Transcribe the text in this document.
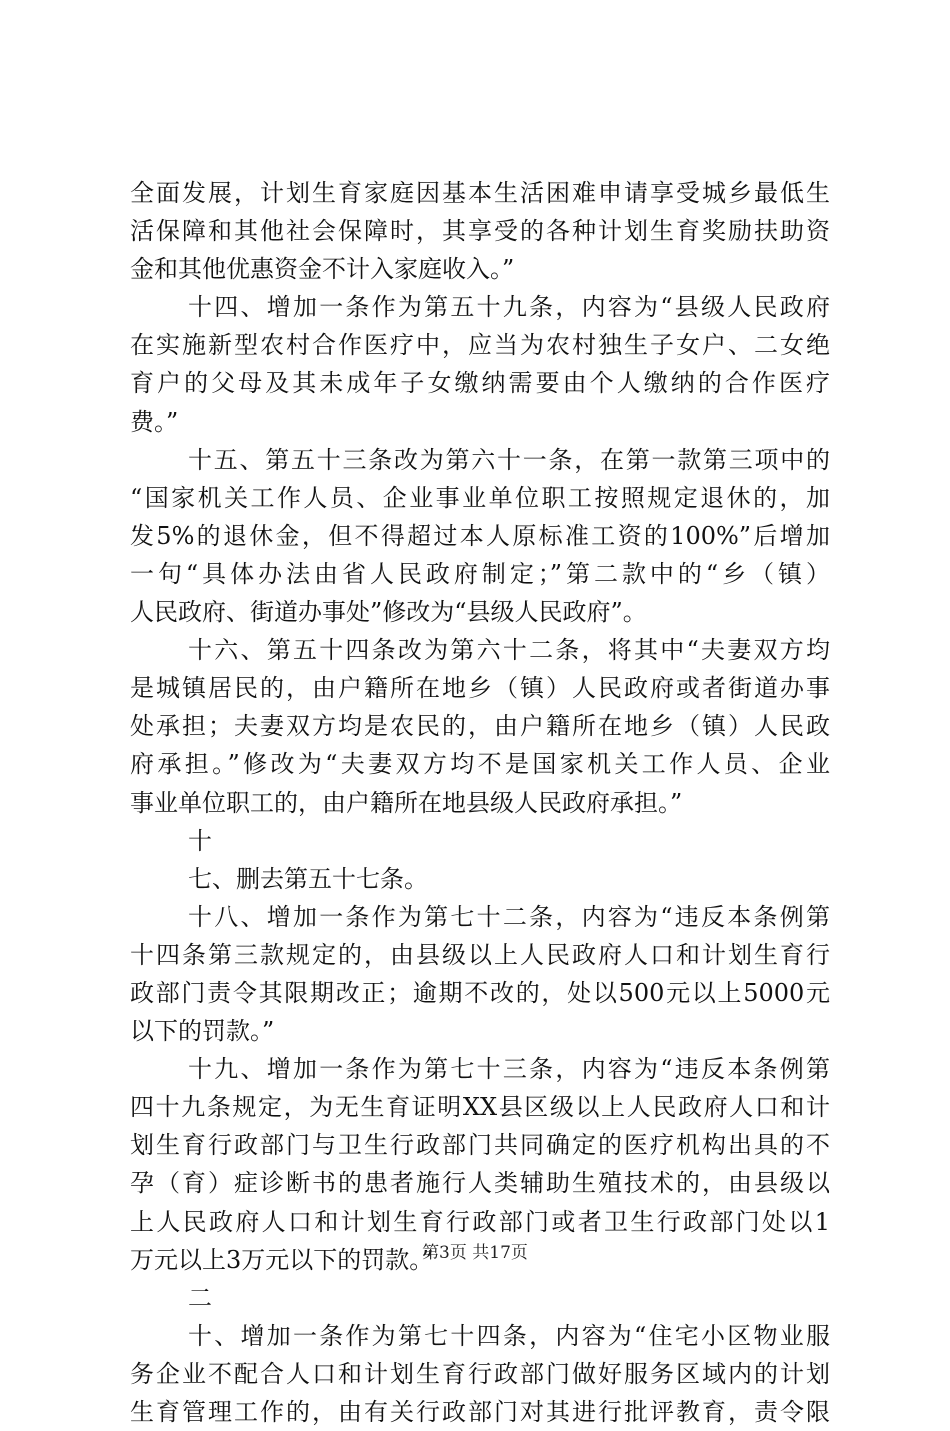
全面发展，计划生育家庭因基本生活困难申请享受城乡最低生
活保障和其他社会保障时，其享受的各种计划生育奖励扶助资
金和其他优惠资金不计入家庭收入。”
十四、增加一条作为第五十九条，内容为“县级人民政府
在实施新型农村合作医疗中，应当为农村独生子女户、二女绝
育户的父母及其未成年子女缴纳需要由个人缴纳的合作医疗
费。”
十五、第五十三条改为第六十一条，在第一款第三项中的
“国家机关工作人员、企业事业单位职工按照规定退休的，加
发5%的退休金，但不得超过本人原标准工资的100%”后增加
一句“具体办法由省人民政府制定；”第二款中的“乡（镇）
人民政府、街道办事处”修改为“县级人民政府”。
十六、第五十四条改为第六十二条，将其中“夫妻双方均
是城镇居民的，由户籍所在地乡（镇）人民政府或者街道办事
处承担；夫妻双方均是农民的，由户籍所在地乡（镇）人民政
府承担。”修改为“夫妻双方均不是国家机关工作人员、企业
事业单位职工的，由户籍所在地县级人民政府承担。”
十
七、删去第五十七条。
十八、增加一条作为第七十二条，内容为“违反本条例第
十四条第三款规定的，由县级以上人民政府人口和计划生育行
政部门责令其限期改正；逾期不改的，处以500元以上5000元
以下的罚款。”
十九、增加一条作为第七十三条，内容为“违反本条例第
四十九条规定，为无生育证明XX县区级以上人民政府人口和计
划生育行政部门与卫生行政部门共同确定的医疗机构出具的不
孕（育）症诊断书的患者施行人类辅助生殖技术的，由县级以
上人民政府人口和计划生育行政部门或者卫生行政部门处以1
万元以上3万元以下的罚款。”
二
十、增加一条作为第七十四条，内容为“住宅小区物业服
务企业不配合人口和计划生育行政部门做好服务区域内的计划
生育管理工作的，由有关行政部门对其进行批评教育，责令限
第3页 共17页
